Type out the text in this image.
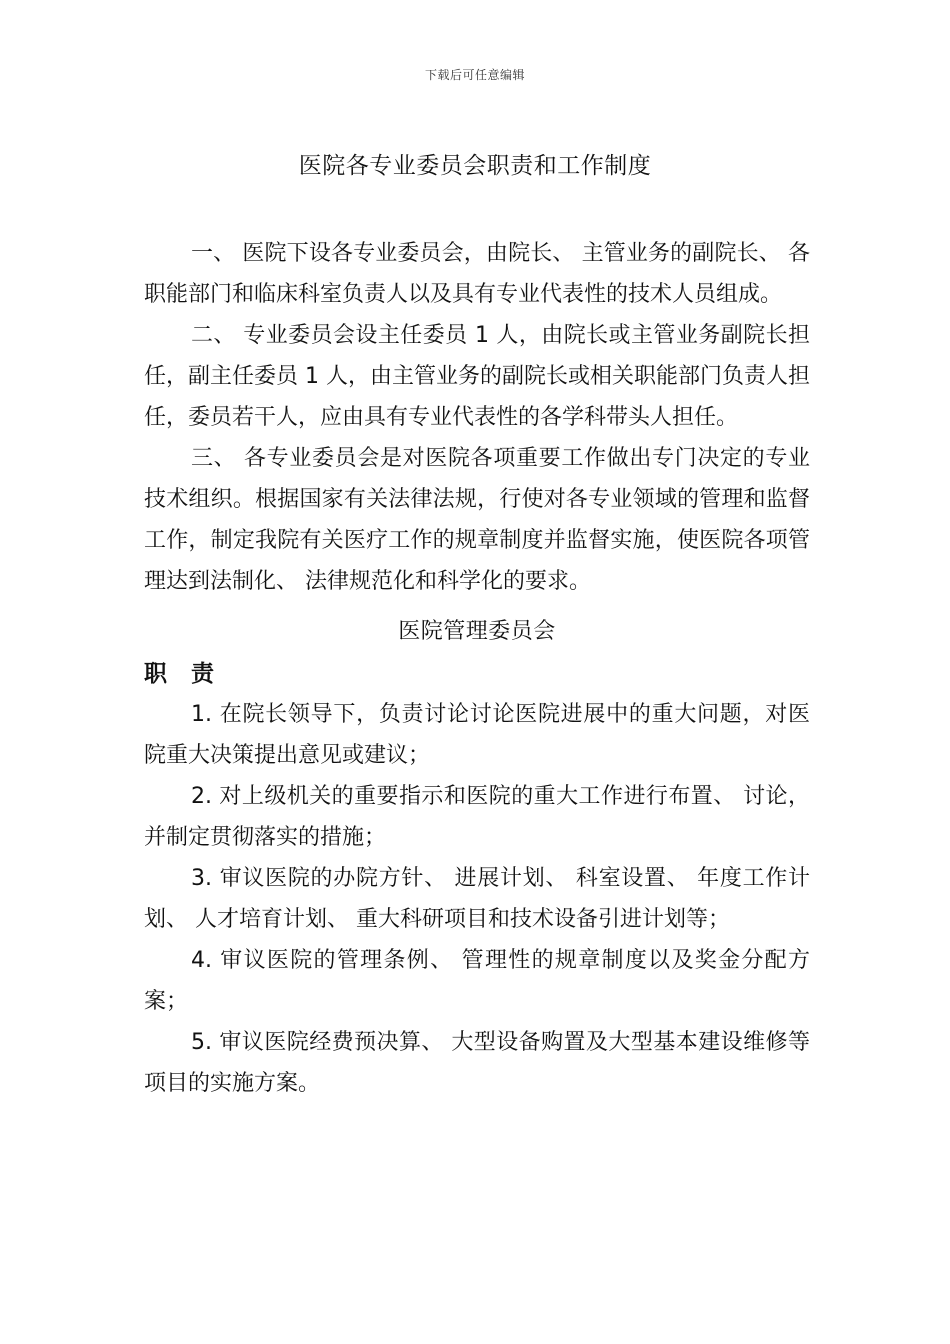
下载后可任意编辑
医院各专业委员会职责和工作制度

一、 医院下设各专业委员会，由院长、 主管业务的副院长、 各职能部门和临床科室负责人以及具有专业代表性的技术人员组成。

二、 专业委员会设主任委员 1 人，由院长或主管业务副院长担任，副主任委员 1 人，由主管业务的副院长或相关职能部门负责人担任，委员若干人，应由具有专业代表性的各学科带头人担任。

三、 各专业委员会是对医院各项重要工作做出专门决定的专业技术组织。根据国家有关法律法规，行使对各专业领域的管理和监督工作，制定我院有关医疗工作的规章制度并监督实施，使医院各项管理达到法制化、 法律规范化和科学化的要求。

医院管理委员会
职 责

1. 在院长领导下，负责讨论讨论医院进展中的重大问题，对医院重大决策提出意见或建议；

2. 对上级机关的重要指示和医院的重大工作进行布置、 讨论，并制定贯彻落实的措施；

3. 审议医院的办院方针、 进展计划、 科室设置、 年度工作计划、 人才培育计划、 重大科研项目和技术设备引进计划等；

4. 审议医院的管理条例、 管理性的规章制度以及奖金分配方案；

5. 审议医院经费预决算、 大型设备购置及大型基本建设维修等项目的实施方案。
